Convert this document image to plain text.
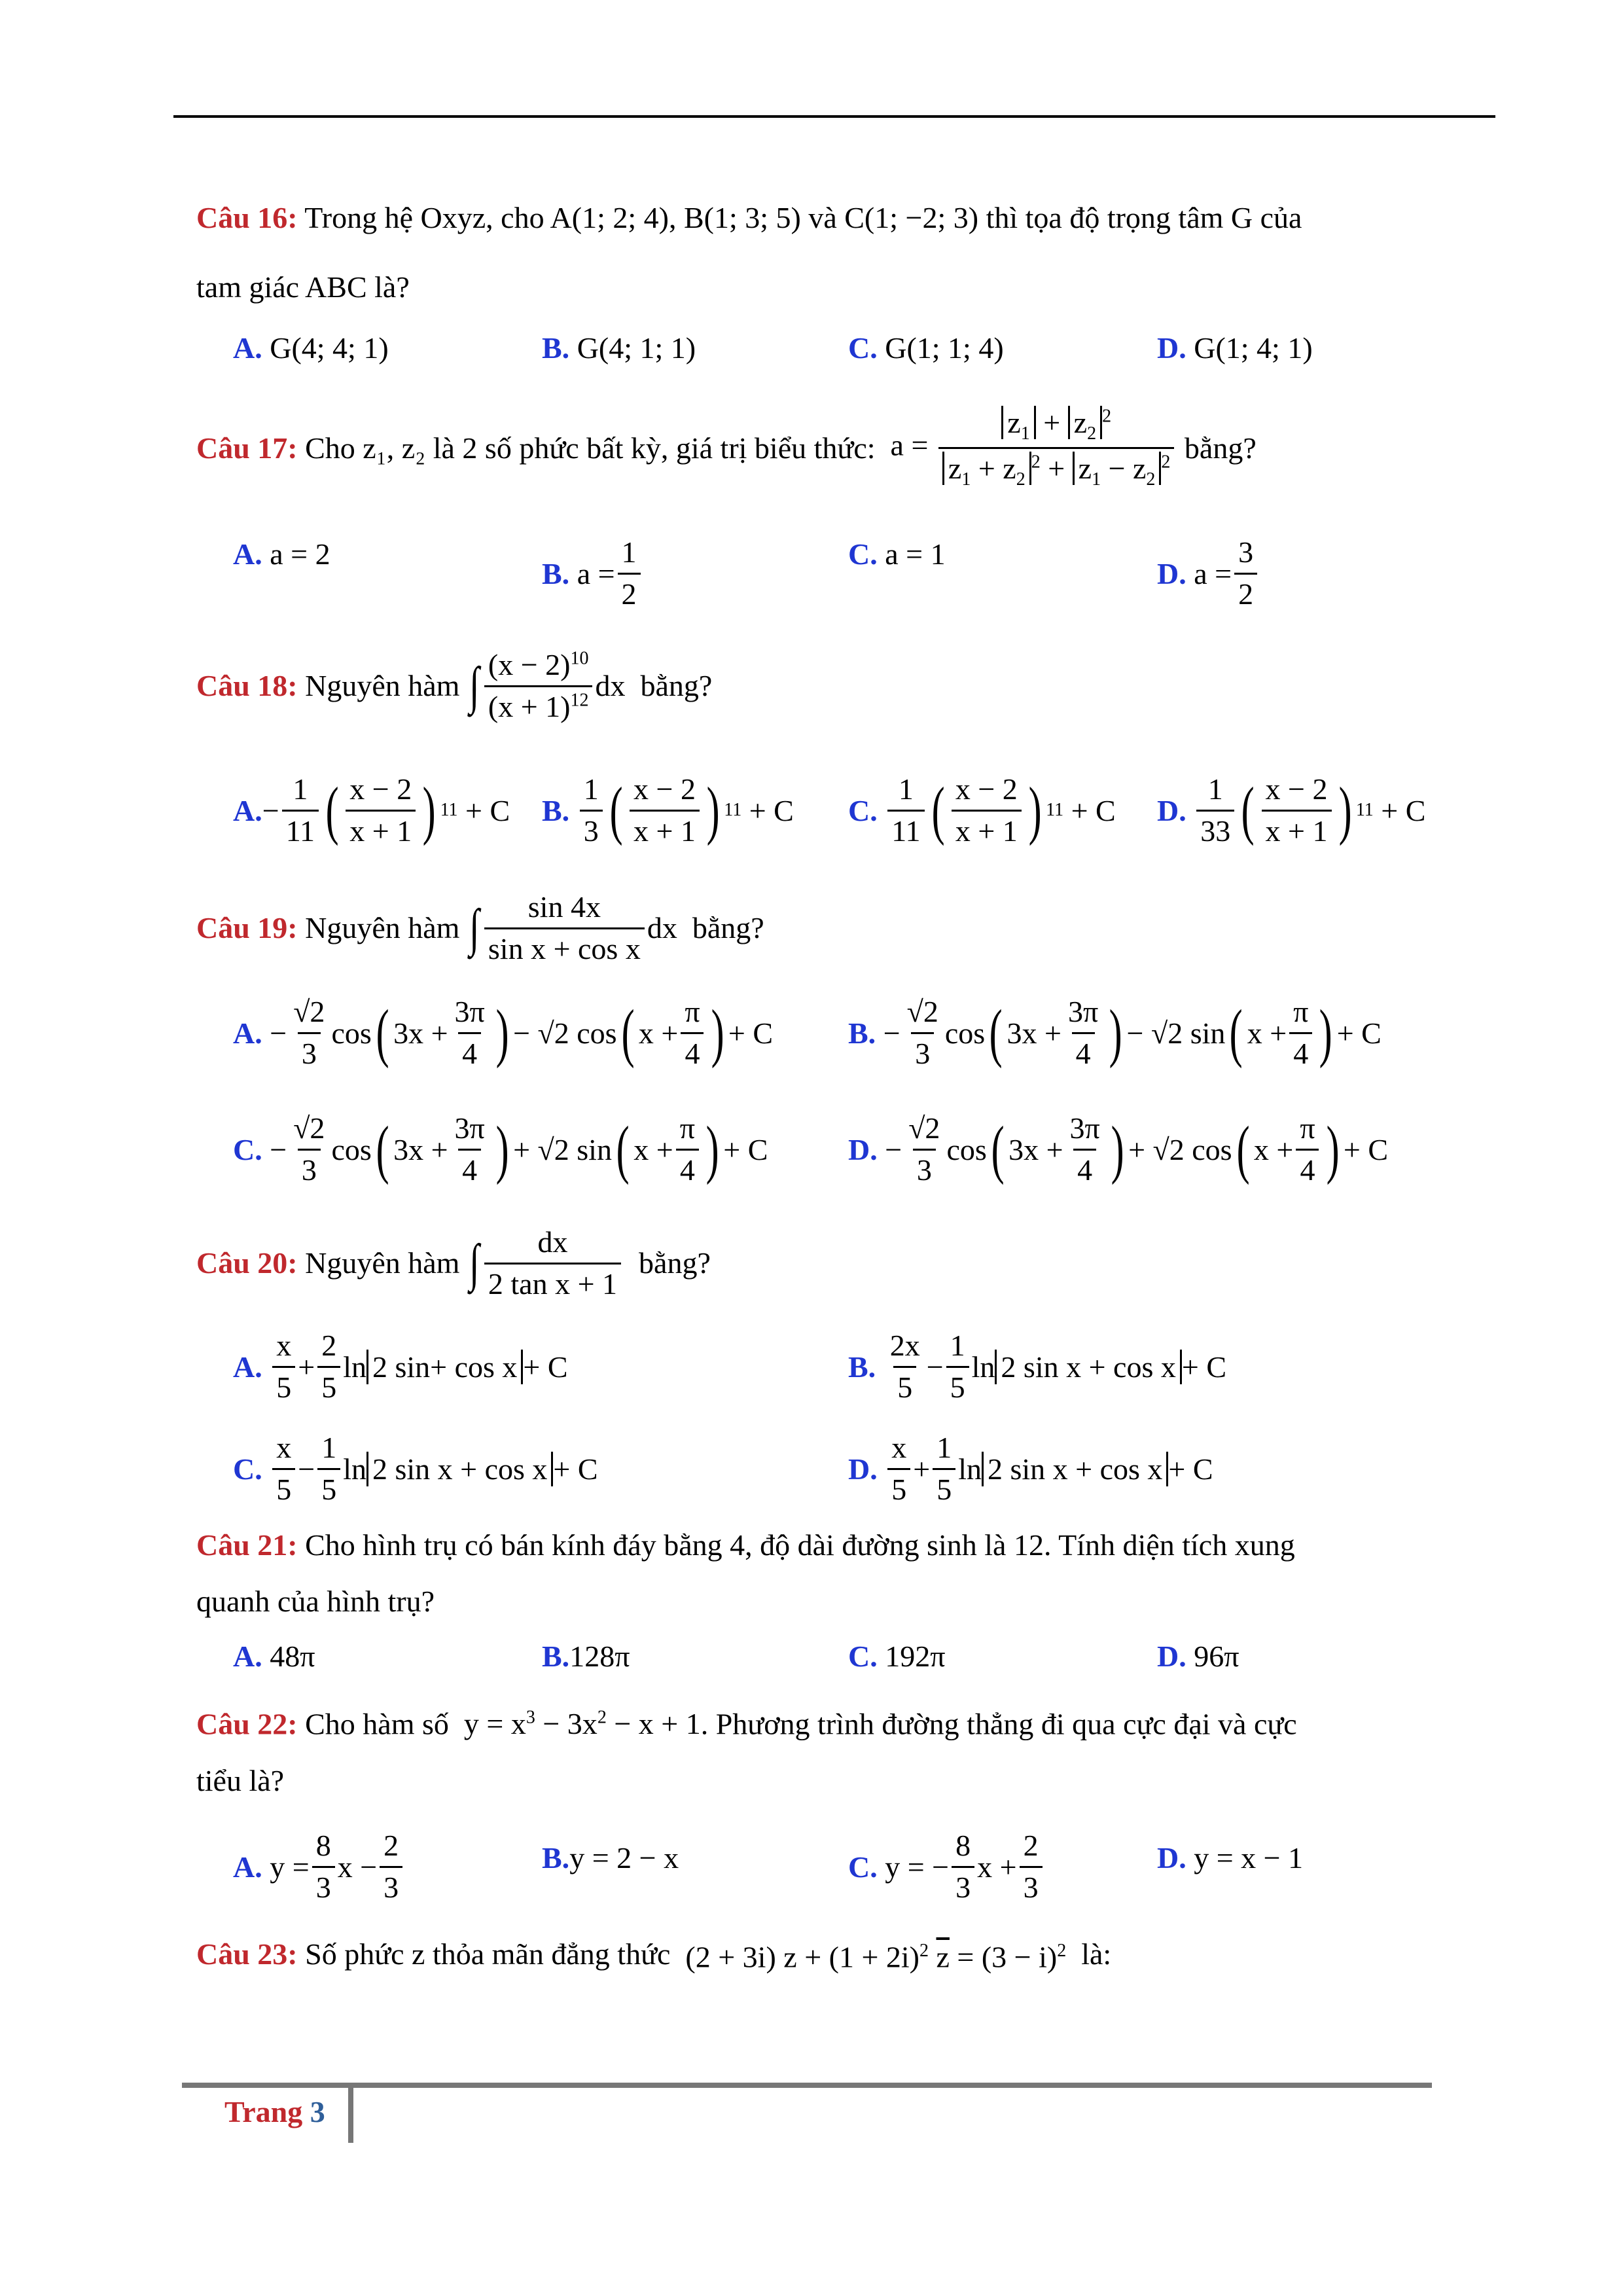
Câu 16: Trong hệ Oxyz, cho A(1; 2; 4), B(1; 3; 5) và C(1; −2; 3) thì tọa độ trọng tâm G của
tam giác ABC là?
A.
G(4; 4; 1)	B.
G(4; 1; 1)	C.
G(1; 1; 4)	D.
G(1; 4; 1)
Câu 17:
Cho z₁, z₂ là 2 số phức bất kỳ, giá trị biểu thức:
$a = \frac{z_1 + z_2^2}{z_1 + z_2^2 + z_1 - z_2^2}$
bằng?
A.
a = 2
B.
$a = \frac{1}{2}$	C.
a = 1
D.
$a = \frac{3}{2}$
Câu 18:
Nguyên hàm
∫ $\frac{(x - 2)^{10}}{(x + 1)^{12}}$ dx bằng?
A. − $\frac{1}{11}$ ( $\frac{x - 2}{x + 1}$ ) 11 + C B.
$\frac{1}{3}$ ( $\frac{x - 2}{x + 1}$ ) 11 + C C.
$\frac{1}{11}$ ( $\frac{x - 2}{x + 1}$ ) 11 + C D.
$\frac{1}{33}$ ( $\frac{x - 2}{x + 1}$ ) 11 + C
Câu 19:
Nguyên hàm
∫ $\frac{\sin 4x}{\text{sin x + cos x}}$ dx bằng?
A. − $\frac{√2}{3}$ cos ( $3x + \frac{3\pi}{4}$ ) − √2 cos ( $x + \frac{\pi}{4}$ ) + C B. − $\frac{√2}{3}$ cos ( $3x + \frac{3\pi}{4}$ ) − √2 sin ( $x + \frac{\pi}{4}$ ) + C
C. − $\frac{√2}{3}$ cos ( $3x + \frac{3\pi}{4}$ ) + √2 sin ( $x + \frac{\pi}{4}$ ) + C	D. − $\frac{√2}{3}$ cos ( $3x + \frac{3\pi}{4}$ ) + √2 cos ( $x + \frac{\pi}{4}$ ) + C
Câu 20:
Nguyên hàm
∫ $\frac{dx}{\text{2 tan x + 1}}$
bằng?
A.
$\frac{x}{5} + \frac{2}{5}$ ln 2 sin+ cos x + C	B.
$\frac{2x}{5} - \frac{1}{5}$ ln 2 sin x + cos x + C
C.
$\frac{x}{5} - \frac{1}{5}$ ln 2 sin x + cos x + C	D.
$\frac{x}{5} + \frac{1}{5}$ ln 2 sin x + cos x + C
Câu 21: Cho hình trụ có bán kính đáy bằng 4, độ dài đường sinh là 12. Tính diện tích xung
quanh của hình trụ?
A.
48π	B. 128π	C.
192π	D.
96π
Câu 22: Cho hàm số $y = x^3 - 3x^2 - x + 1$. Phương trình đường thẳng đi qua cực đại và cực
tiểu là?
A.
$y = \frac{8}{3}$ $x - \frac{2}{3}$	B. y = 2 − x	C.
y = − $\frac{8}{3}$ $x + \frac{2}{3}$	D.
y = x − 1
Câu 23:
Số phức z thỏa mãn đẳng thức
(2 + 3i) $z + (1 + 2i)^2$ $\overline{z} = (3 - i)^2$
là:
Trang 3
